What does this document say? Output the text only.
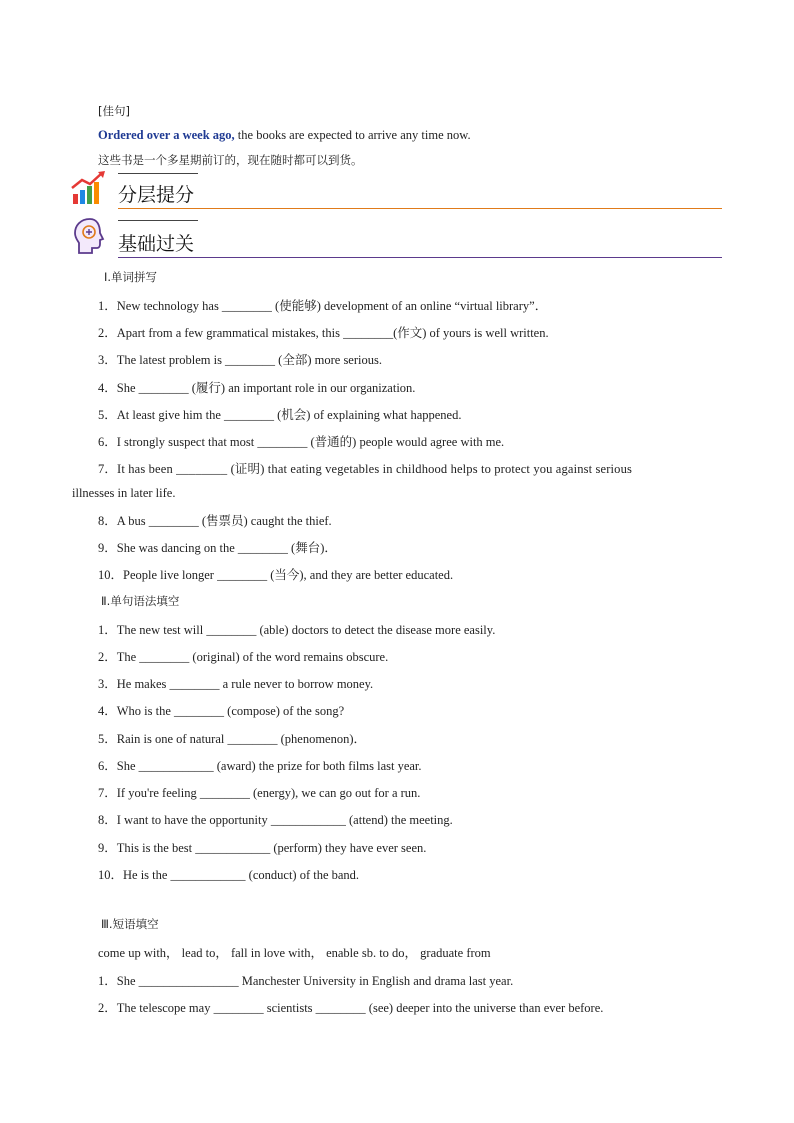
[佳句]
Ordered over a week ago, the books are expected to arrive any time now.
这些书是一个多星期前订的，现在随时都可以到货。
分层提分
基础过关
Ⅰ.单词拼写
1．New technology has ________ (使能够) development of an online “virtual library”．
2．Apart from a few grammatical mistakes, this ________(作文) of yours is well written.
3．The latest problem is ________ (全部) more serious.
4．She ________ (履行) an important role in our organization.
5．At least give him the ________ (机会) of explaining what happened.
6．I strongly suspect that most ________ (普通的) people would agree with me.
7．It has been ________ (证明) that eating vegetables in childhood helps to protect you against serious
illnesses in later life.
8．A bus ________ (售票员) caught the thief.
9．She was dancing on the ________ (舞台)．
10．People live longer ________ (当今), and they are better educated.
Ⅱ.单句语法填空
1．The new test will ________ (able) doctors to detect the disease more easily.
2．The ________ (original) of the word remains obscure.
3．He makes ________ a rule never to borrow money.
4．Who is the ________ (compose) of the song?
5．Rain is one of natural ________ (phenomenon)．
6．She ____________ (award) the prize for both films last year.
7．If you're feeling ________ (energy), we can go out for a run.
8．I want to have the opportunity ____________ (attend) the meeting.
9．This is the best ____________ (perform) they have ever seen.
10．He is the ____________ (conduct) of the band.
Ⅲ.短语填空
come up with， lead to， fall in love with， enable sb. to do， graduate from
1．She ________________ Manchester University in English and drama last year.
2．The telescope may ________ scientists ________ (see) deeper into the universe than ever before.
